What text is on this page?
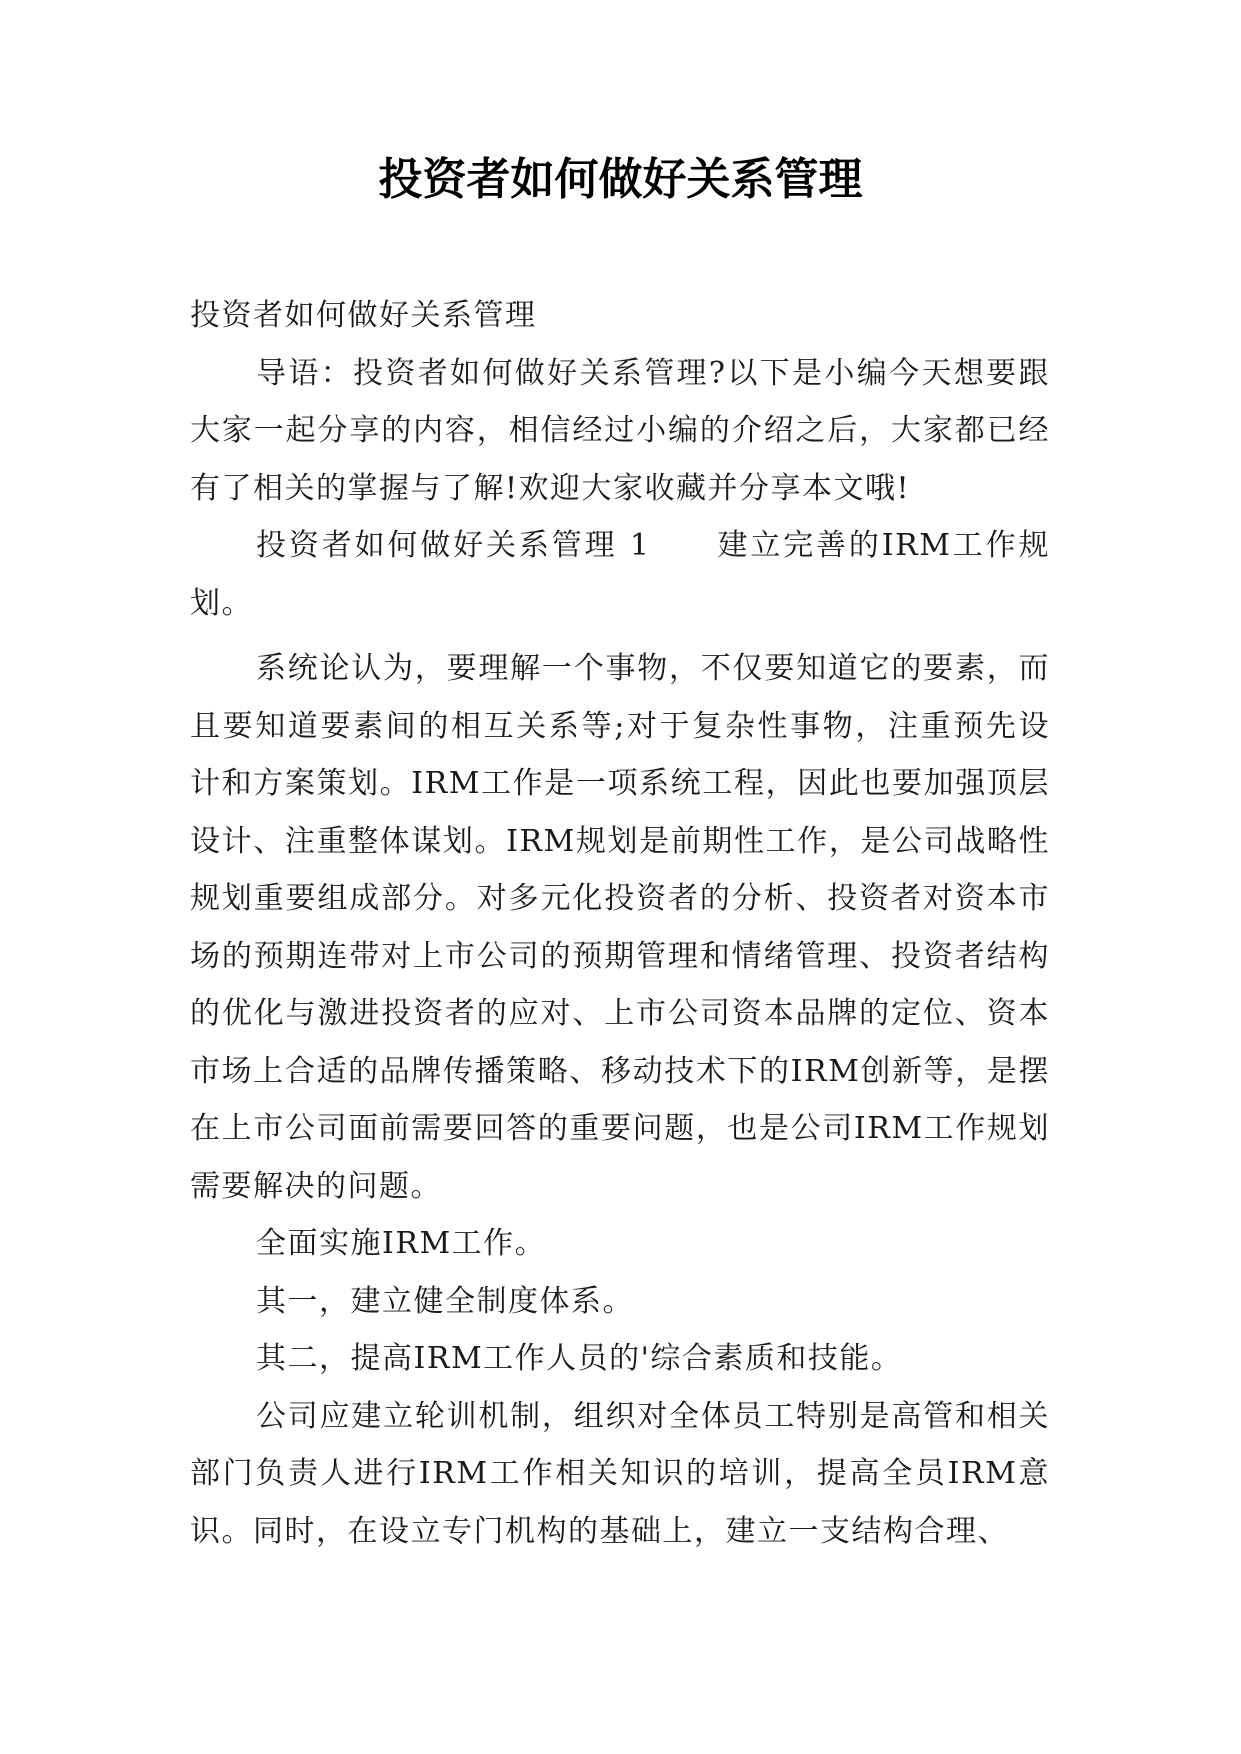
投资者如何做好关系管理

投资者如何做好关系管理

导语：投资者如何做好关系管理?以下是小编今天想要跟大家一起分享的内容，相信经过小编的介绍之后，大家都已经有了相关的掌握与了解!欢迎大家收藏并分享本文哦!

投资者如何做好关系管理 1　　建立完善的IRM工作规划。

系统论认为，要理解一个事物，不仅要知道它的要素，而且要知道要素间的相互关系等;对于复杂性事物，注重预先设计和方案策划。IRM工作是一项系统工程，因此也要加强顶层设计、注重整体谋划。IRM规划是前期性工作，是公司战略性规划重要组成部分。对多元化投资者的分析、投资者对资本市场的预期连带对上市公司的预期管理和情绪管理、投资者结构的优化与激进投资者的应对、上市公司资本品牌的定位、资本市场上合适的品牌传播策略、移动技术下的IRM创新等，是摆在上市公司面前需要回答的重要问题，也是公司IRM工作规划需要解决的问题。

全面实施IRM工作。

其一，建立健全制度体系。

其二，提高IRM工作人员的'综合素质和技能。

公司应建立轮训机制，组织对全体员工特别是高管和相关部门负责人进行IRM工作相关知识的培训，提高全员IRM意识。同时，在设立专门机构的基础上，建立一支结构合理、
